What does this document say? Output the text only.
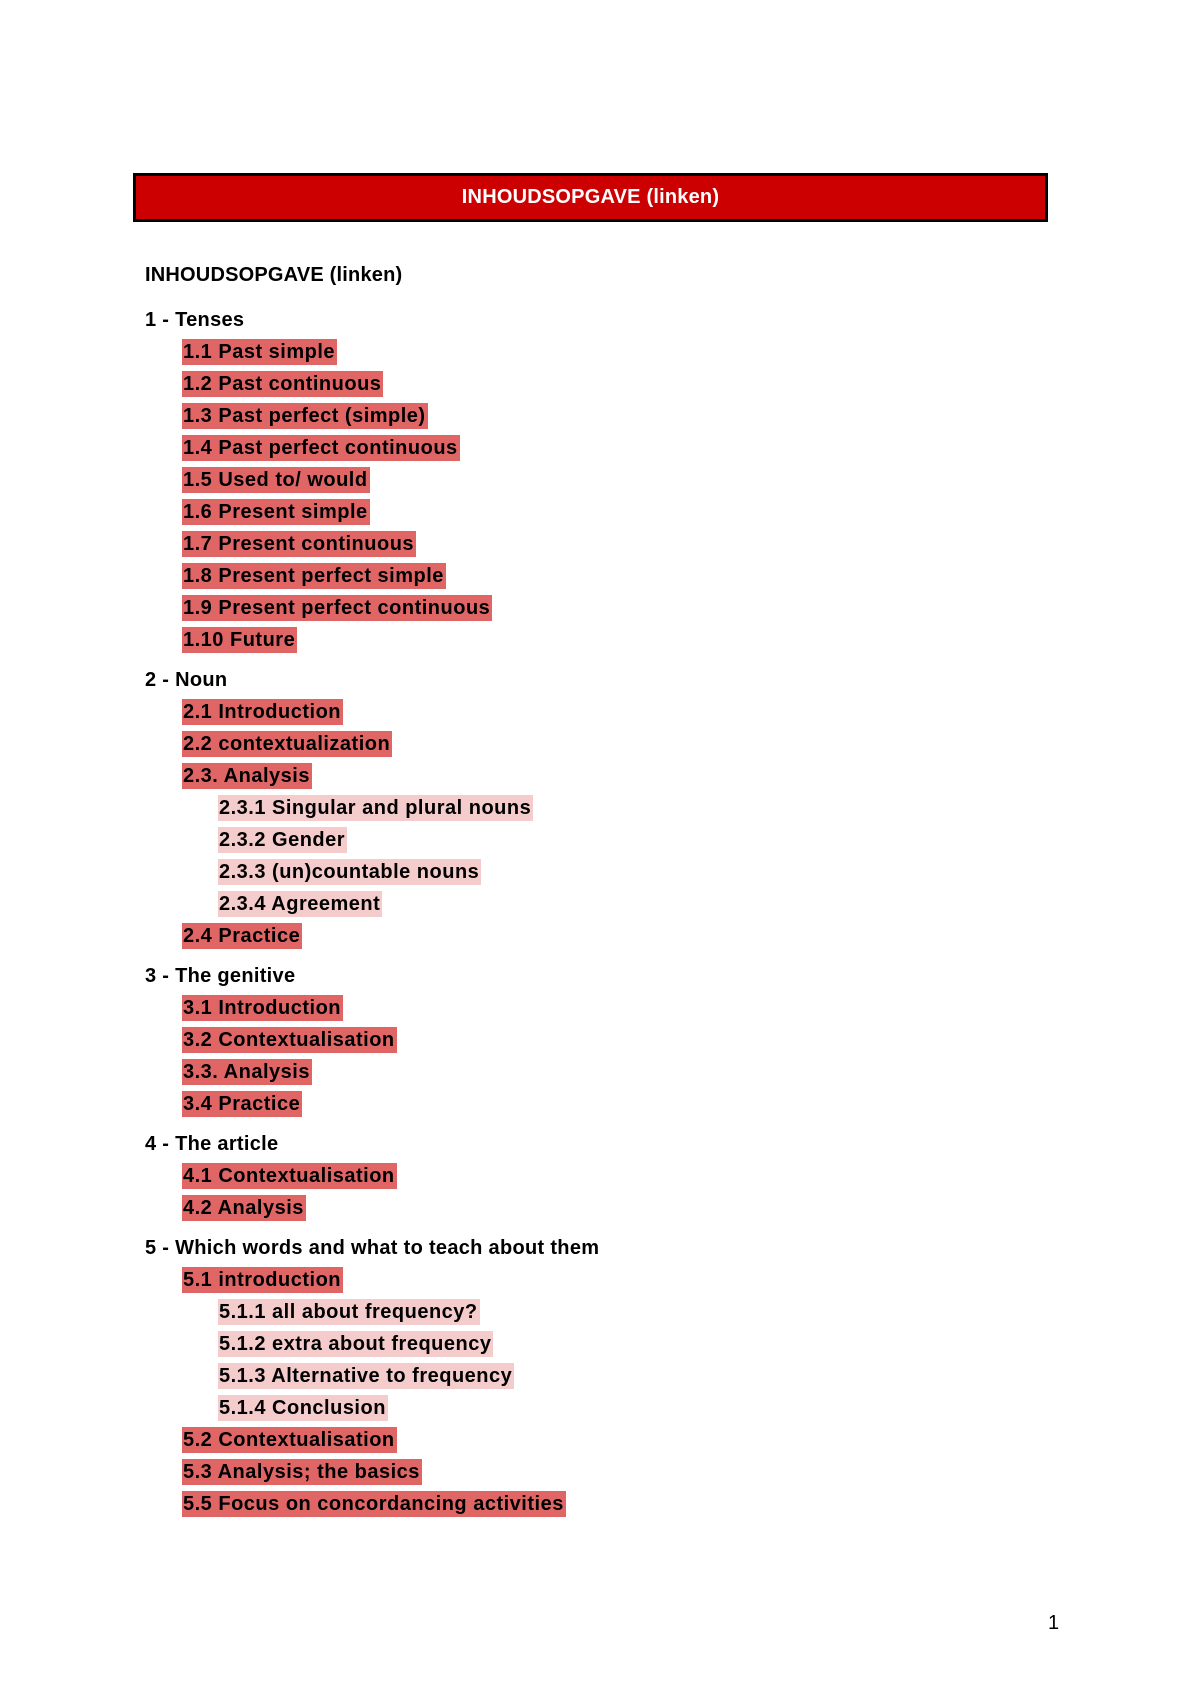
INHOUDSOPGAVE (linken)
INHOUDSOPGAVE (linken)
1 - Tenses
1.1 Past simple
1.2 Past continuous
1.3 Past perfect (simple)
1.4 Past perfect continuous
1.5 Used to/ would
1.6 Present simple
1.7 Present continuous
1.8 Present perfect simple
1.9 Present perfect continuous
1.10 Future
2 - Noun
2.1 Introduction
2.2 contextualization
2.3. Analysis
2.3.1 Singular and plural nouns
2.3.2 Gender
2.3.3 (un)countable nouns
2.3.4 Agreement
2.4 Practice
3 - The genitive
3.1 Introduction
3.2 Contextualisation
3.3. Analysis
3.4 Practice
4 - The article
4.1 Contextualisation
4.2 Analysis
5 - Which words and what to teach about them
5.1 introduction
5.1.1 all about frequency?
5.1.2 extra about frequency
5.1.3 Alternative to frequency
5.1.4 Conclusion
5.2 Contextualisation
5.3 Analysis; the basics
5.5 Focus on concordancing activities
1
